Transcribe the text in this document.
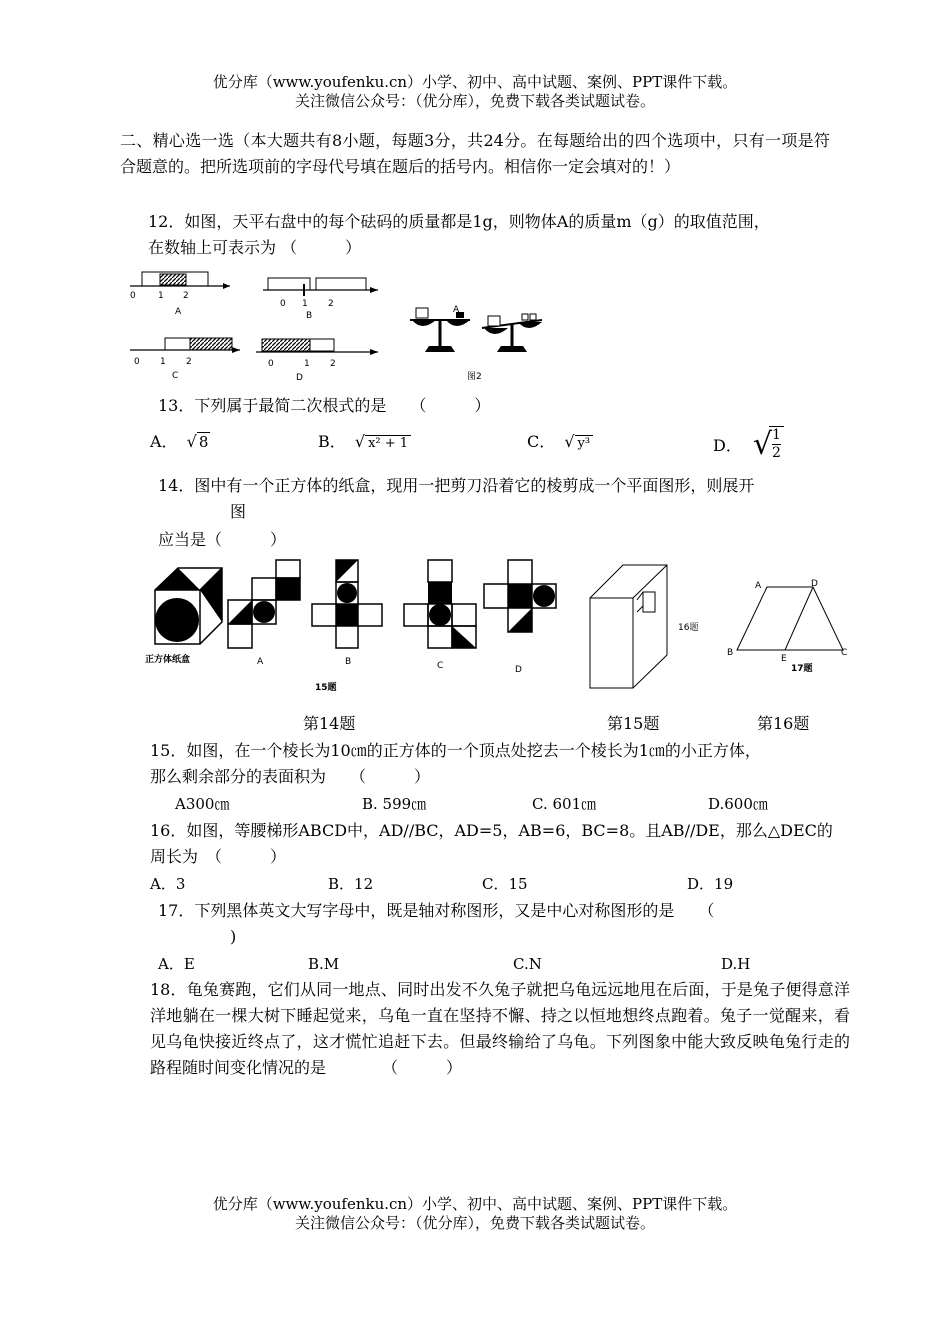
优分库（www.youfenku.cn）小学、初中、高中试题、案例、PPT课件下载。
关注微信公众号：（优分库），免费下载各类试题试卷。
二、精心选一选（本大题共有8小题，每题3分，共24分。在每题给出的四个选项中，只有一项是符合题意的。把所选项前的字母代号填在题后的括号内。相信你一定会填对的！）
12．如图，天平右盘中的每个砝码的质量都是1g，则物体A的质量m（g）的取值范围，
在数轴上可表示为 （　　　）
0 1 2
A
0 1 2
B
0 1 2
C
0	1 2
D
A
图2
13．下列属于最简二次根式的是　　（　　　）
A． √ 8	B． √ x² + 1	C． √ y³	D． √
$\frac{1}{2}$
14．图中有一个正方体的纸盒，现用一把剪刀沿着它的棱剪成一个平面图形，则展开
图
应当是（　　　）
正方体纸盒	A	B	C	D
15题
16题
A	D
B
E
C
17题
第14题	第15题	第16题
15．如图，在一个棱长为10㎝的正方体的一个顶点处挖去一个棱长为1㎝的小正方体，
那么剩余部分的表面积为　　（　　　）
A300㎝	B. 599㎝	C. 601㎝	D.600㎝
16．如图，等腰梯形ABCD中，AD//BC，AD=5，AB=6，BC=8。且AB//DE，那么△DEC的
周长为　（　　　）
A．3	B．12	C．15	D．19
17．下列黑体英文大写字母中，既是轴对称图形，又是中心对称图形的是　　（
)
A．E	B.M	C.N	D.H
18．龟兔赛跑，它们从同一地点、同时出发不久兔子就把乌龟远远地甩在后面，于是兔子便得意洋洋地躺在一棵大树下睡起觉来，乌龟一直在坚持不懈、持之以恒地想终点跑着。兔子一觉醒来，看见乌龟快接近终点了，这才慌忙追赶下去。但最终输给了乌龟。下列图象中能大致反映龟兔行走的路程随时间变化情况的是　　　　（　　　）
优分库（www.youfenku.cn）小学、初中、高中试题、案例、PPT课件下载。
关注微信公众号：（优分库），免费下载各类试题试卷。
